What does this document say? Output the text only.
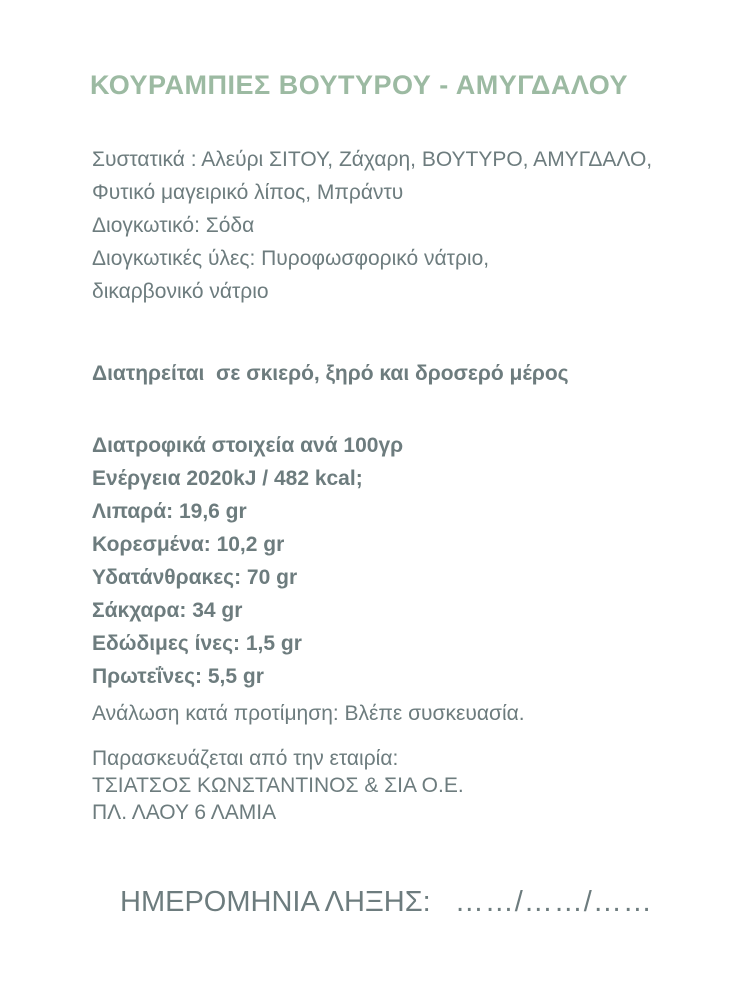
ΚΟΥΡΑΜΠΙΕΣ ΒΟΥΤΥΡΟΥ - ΑΜΥΓΔΑΛΟΥ
Συστατικά : Αλεύρι ΣΙΤΟΥ, Ζάχαρη, ΒΟΥΤΥΡΟ, ΑΜΥΓΔΑΛΟ,
Φυτικό μαγειρικό λίπος, Μπράντυ
Διογκωτικό: Σόδα
Διογκωτικές ύλες: Πυροφωσφορικό νάτριο,
δικαρβονικό νάτριο
Διατηρείται  σε σκιερό, ξηρό και δροσερό μέρος
Διατροφικά στοιχεία ανά 100γρ
Ενέργεια 2020kJ / 482 kcal;
Λιπαρά: 19,6 gr
Κορεσμένα: 10,2 gr
Υδατάνθρακες: 70 gr
Σάκχαρα: 34 gr
Εδώδιμες ίνες: 1,5 gr
Πρωτεΐνες: 5,5 gr
Ανάλωση κατά προτίμηση: Βλέπε συσκευασία.
Παρασκευάζεται από την εταιρία:
ΤΣΙΑΤΣΟΣ ΚΩΝΣΤΑΝΤΙΝΟΣ & ΣΙΑ Ο.Ε.
ΠΛ. ΛΑΟΥ 6 ΛΑΜΙΑ
ΗΜΕΡΟΜΗΝΙΑ ΛΗΞΗΣ: ……/……/……
